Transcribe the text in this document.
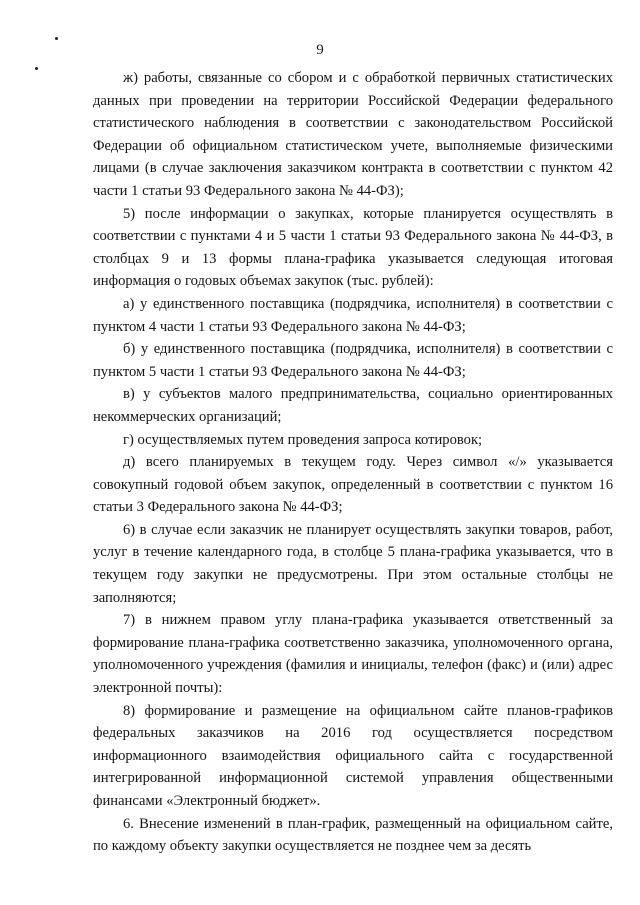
9

ж) работы, связанные со сбором и с обработкой первичных статистических данных при проведении на территории Российской Федерации федерального статистического наблюдения в соответствии с законодательством Российской Федерации об официальном статистическом учете, выполняемые физическими лицами (в случае заключения заказчиком контракта в соответствии с пунктом 42 части 1 статьи 93 Федерального закона № 44-ФЗ);

5) после информации о закупках, которые планируется осуществлять в соответствии с пунктами 4 и 5 части 1 статьи 93 Федерального закона № 44-ФЗ, в столбцах 9 и 13 формы плана-графика указывается следующая итоговая информация о годовых объемах закупок (тыс. рублей):

а) у единственного поставщика (подрядчика, исполнителя) в соответствии с пунктом 4 части 1 статьи 93 Федерального закона № 44-ФЗ;

б) у единственного поставщика (подрядчика, исполнителя) в соответствии с пунктом 5 части 1 статьи 93 Федерального закона № 44-ФЗ;

в) у субъектов малого предпринимательства, социально ориентированных некоммерческих организаций;

г) осуществляемых путем проведения запроса котировок;

д) всего планируемых в текущем году. Через символ «/» указывается совокупный годовой объем закупок, определенный в соответствии с пунктом 16 статьи 3 Федерального закона № 44-ФЗ;

6) в случае если заказчик не планирует осуществлять закупки товаров, работ, услуг в течение календарного года, в столбце 5 плана-графика указывается, что в текущем году закупки не предусмотрены. При этом остальные столбцы не заполняются;

7) в нижнем правом углу плана-графика указывается ответственный за формирование плана-графика соответственно заказчика, уполномоченного органа, уполномоченного учреждения (фамилия и инициалы, телефон (факс) и (или) адрес электронной почты):

8) формирование и размещение на официальном сайте планов-графиков федеральных заказчиков на 2016 год осуществляется посредством информационного взаимодействия официального сайта с государственной интегрированной информационной системой управления общественными финансами «Электронный бюджет».

6. Внесение изменений в план-график, размещенный на официальном сайте, по каждому объекту закупки осуществляется не позднее чем за десять
